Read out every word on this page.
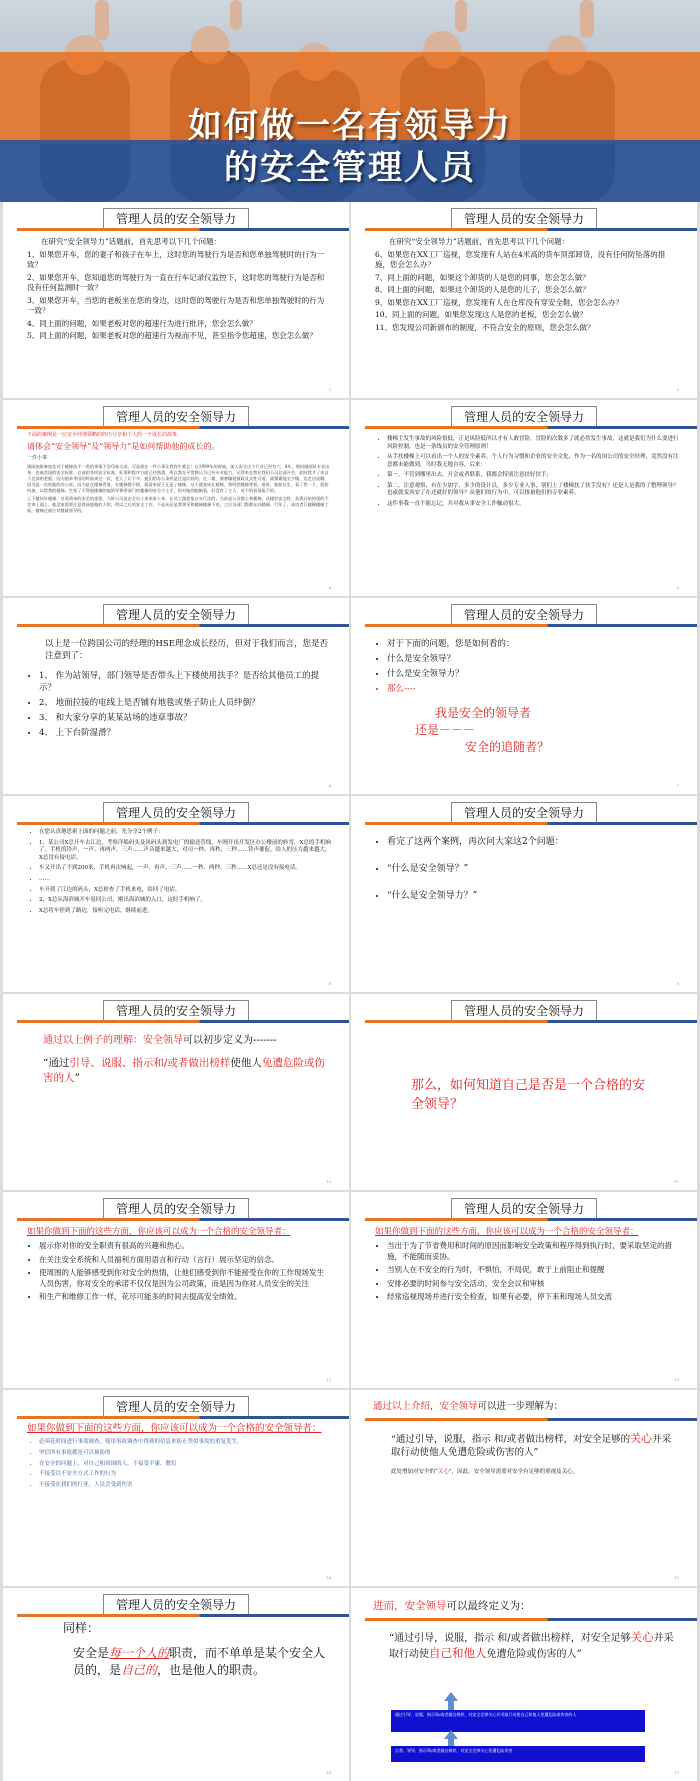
如何做一名有领导力
的安全管理人员
管理人员的安全领导力

在研究“安全领导力”话题前，首先思考以下几个问题：

1、如果您开车，您的妻子和孩子在车上，这时您的驾驶行为是否和您单独驾驶时的行为一致？

2、如果您开车，您知道您的驾驶行为一直在行车记录仪监控下，这时您的驾驶行为是否和没有任何监测时一致？

3、如果您开车，当您的老板坐在您的身边，这时您的驾驶行为是否和您单独驾驶时的行为一致？

4、同上面的问题，如果老板对您的超速行为进行批评，您会怎么做？

5、同上面的问题，如果老板对您的超速行为视而不见，甚至指令您超速，您会怎么做？

2
管理人员的安全领导力

在研究“安全领导力”话题前，首先思考以下几个问题：

6、如果您在XX工厂巡视，您发现有人站在4米高的货车顶部卸货，没有任何防坠落的措施，您会怎么办？

7、同上面的问题，如果这个卸货的人是您的同事，您会怎么做？

8、同上面的问题，如果这个卸货的人是您的儿子，您会怎么做？

9、如果您在XX工厂巡视，您发现有人在仓库没有穿安全鞋，您会怎么办？

10、同上面的问题，如果您发现这人是您的老板，您会怎么做？

11、您发现公司新颁布的制度，不符合安全的原则，您会怎么做？

3
管理人员的安全领导力

下面的案例是一位安全经理领略的经历分享和个人的一个成长的故事。

请体会“安全领导”及“领导力”是如何帮助他的成长的。

一件小事

刚刚加班参加先对于楼梯扶手一类的事情不会印象太深，可是就在一件小事让我终生难忘！在1999年的时候，加入安全这个行业已经有六、8年，那时刚刚从专业出身，也被美国的安全标准、总部的各项安全标准、标准和程序方面已经熟悉，所以我在平常都认为已经专业能力，记得来在我在我们公司总部开会，此时我才了来自于总部的老板，因为他来华国的时候来过一次，老人了让不多，他们的办公条件是还是比较的，在二楼，澳塞爆裂被政及式性可道，就频繁地全手楼，边走边说聊，因为是一次的他的办公室，因为是在楼梯背着，在楼梯都不错，就看来说下正是了楼梯，这不就变成在楼梯，我终把楼梯等着，道时，他如以生，看了我一下，很如何加，以给我的楼梯，生怕了不得他楼梯的他领导那带部门的楼梯的安全小士手，你对他的眼睛看，们没有了主人，对不的看很能不的。

上下楼扶好楼梯，这看将来的安全的重要，当时公司是安全员工来来第十来，在员工跟您报在实行法的，当前是公司都主和楼梯，从楼好安全时，从我开始的现的不定来上面上，他没家需要注意养成他做的人和，所以之后的安全工作，不是从还是我领导和楼梯楼梯下来，之后各部门都都在向楼梯，行年了，成功者行楼梯楼梯工面，楼梯过就应对楼就领导的。

4
管理人员的安全领导力
• 楼梯主发生事故的风险很低，正是风险低所以才有人敢冒险，冒险的次数多了就必然发生事故，这就是我们为什么要进行风险控制，也是一条线员的安全管理原则！
• 从手扶楼梯上可以看出一个人的安全素养，个人行为习惯和企业的安全文化，作为一名的国公司的安全经理，竟然没有注意都未能做到，当时我无地自容，后来：
• 第一，不管到哪里出去，开会或者联系，我都会特别注意扶好扶手；
• 第二，注意观察，有在少加字，多少的设计员，多少专业人事，别们上了楼梯扶了扶手没有？还是人是我的了整理领导？也或就变风安了在还就好的领导？从他们的行为中，可以推量他们的专业素养。
• 这件事我一直不能忘记，并对我从事安全工作触动很大。
5
管理人员的安全领导力

以上是一位跨国公司的经理的HSE理念成长经历，但对于我们而言，您是否注意到了：

• 1、 作为站领导，部门领导是否带头上下楼使用扶手？是否给其他员工的提示？
• 2、 地面拉接的电线上是否铺有地毯或垫子防止人员绊倒？
• 3、 和大家分享的某某站场的违章事故？
• 4、 上下台阶湿滑？
6
管理人员的安全领导力
• 对于下面的问题，您是如何看的：
• 什么是安全领导？
• 什么是安全领导力？
• 那么----
我是安全的领导者
还是－－－
安全的追随者？
7
管理人员的安全领导力
• 在您认真地思索上面的问题之前，先分享2个例子：
• 1、某公司X总开车去江边，考察洋船码头及风码头到发电厂的输送管线，车刚开出开发区办公楼前的转弯，X总的手机响了。手机的铃声，一声、再两声，三声……声音越来越大，对司一秒、再秒、三秒……铃声催促，给人的压力越来越大，X总没有接电话。
• 车又开出了不到200米，手机再次响起，一声、再声、三声……一秒、两秒、三秒……X总还是没有接电话。
• ……
• 车开到了江边的码头，X总检查了手机来电，给回了电话。
• 2、X总从海滨城开车返回公司，刚出海滨城的入口，这时手机响了。
• X总将车停到了路边，接听完电话，继续前进。
8
管理人员的安全领导力
• 看完了这两个案例，再次问大家这2个问题：
• “什么是安全领导？”
• “什么是安全领导力？”
9
管理人员的安全领导力

通过以上例子的理解：安全领导可以初步定义为-------

“通过引导、说服、指示和/或者做出榜样使他人免遭危险或伤害的人”

10
管理人员的安全领导力
那么，如何知道自己是否是一个合格的安全领导？
11
管理人员的安全领导力

如果你做到下面的这些方面，你应该可以成为一个合格的安全领导者：

• 展示你对你的安全职责有很高的兴趣和热心。
• 在关注安全系统和人员福利方面用语言和行动（言行）展示坚定的信念。
• 使周围的人能够感受到你对安全的热情，让他们感受到你不能接受在你的工作现场发生人员伤害，你对安全的承诺不仅仅是因为公司政策，而是因为你对人员安全的关注
• 和生产和维修工作一样，花尽可能多的时间去提高安全绩效。
12
管理人员的安全领导力

如果你做到下面的这些方面，你应该可以成为一个合格的安全领导者：

• 当出于为了节省费用和时间的原因而影响安全政策和程序得到执行时，要采取坚定的措施，不能随而妥协。
• 当别人在不安全的行为时，不惧怕，不局促，敢于上前阻止和提醒
• 安排必要的时间参与安全活动、安全会议和审核
• 经常巡视现场并进行安全检查，如果有必要，停下来和现场人员交流
13
管理人员的安全领导力

如果你做到下面的这些方面，你应该可以成为一个合格的安全领导者：

• 必须花时间进行事故调查，使用事故调查中得到的信息来防止类似事故的重复发生。
• 坚信所有事故都是可以预防的
• 在安全的问题上，对自己和周围的人，不接受平庸、敷衍
• 不接受以不安全方式工作的行为
• 不接受在我们的行业，人员会受到伤害
14

通过以上介绍，安全领导可以进一步理解为：

“通过引导，说服，指示 和/或者做出榜样，对安全足够的关心并采取行动使他人免遭危险或伤害的人”

此处增加对安全的“关心”，因此，安全领导需要对安全有足够的重视及关心。

15
管理人员的安全领导力

同样：

安全是每一个人的职责，而不单单是某个安全人员的，是自己的，也是他人的职责。

16

进而，安全领导可以最终定义为：

“通过引导，说服，指示 和/或者做出榜样，对安全足够关心并采取行动使自己和他人免遭危险或伤害的人”

通过引导，说服，指示和/或者做出榜样，对安全足够关心并采取行动使自己和他人免遭危险或伤害的人
自我、领导、指示和/或者做出榜样，对安全足够关心免遭危险伤害
17
